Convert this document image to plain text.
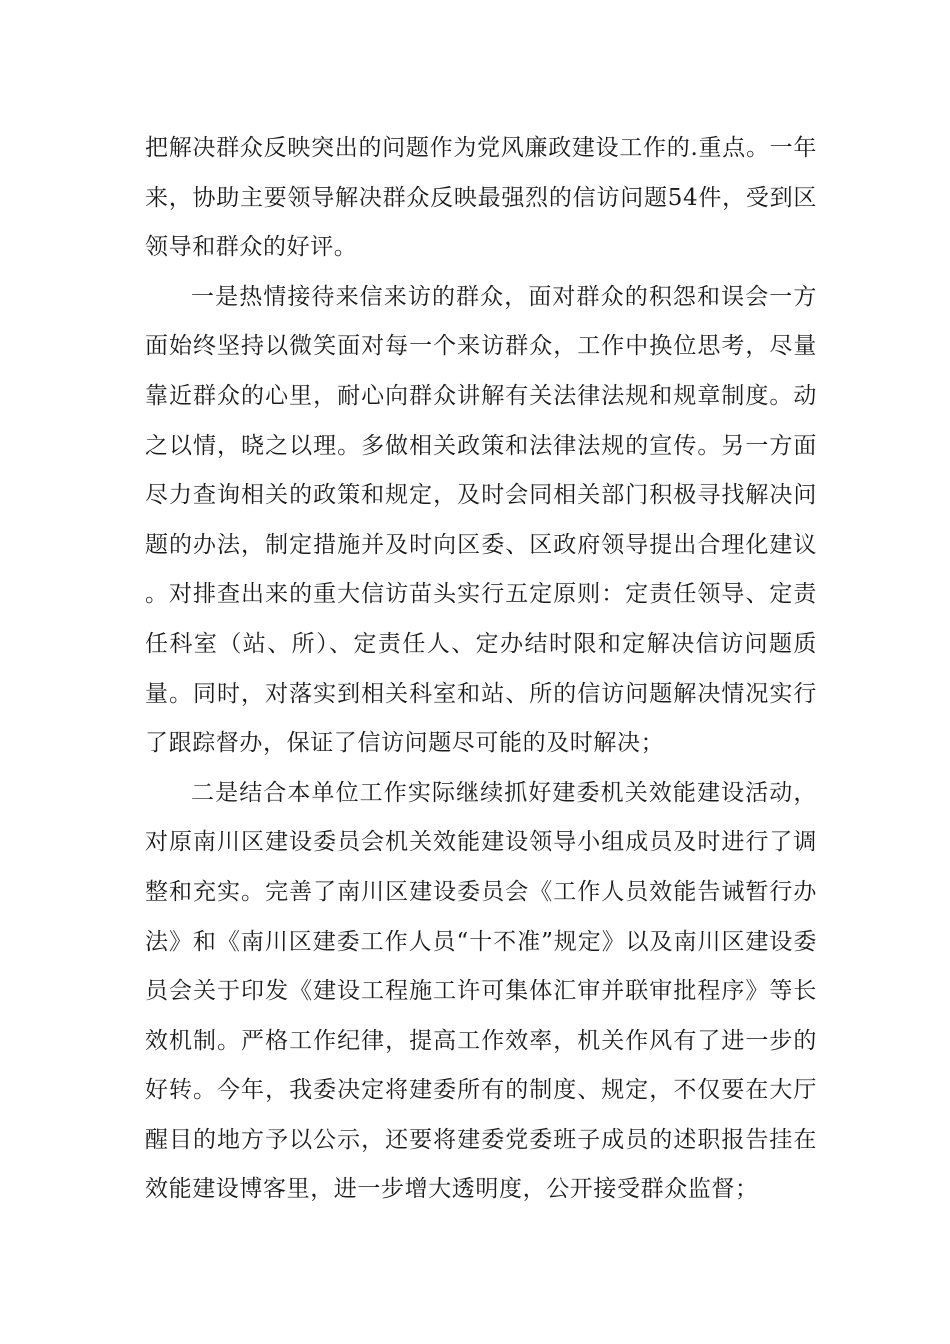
把解决群众反映突出的问题作为党风廉政建设工作的.重点。一年来，协助主要领导解决群众反映最强烈的信访问题54件，受到区领导和群众的好评。

一是热情接待来信来访的群众，面对群众的积怨和误会一方面始终坚持以微笑面对每一个来访群众，工作中换位思考，尽量靠近群众的心里，耐心向群众讲解有关法律法规和规章制度。动之以情，晓之以理。多做相关政策和法律法规的宣传。另一方面尽力查询相关的政策和规定，及时会同相关部门积极寻找解决问题的办法，制定措施并及时向区委、区政府领导提出合理化建议。对排查出来的重大信访苗头实行五定原则：定责任领导、定责任科室（站、所）、定责任人、定办结时限和定解决信访问题质量。同时，对落实到相关科室和站、所的信访问题解决情况实行了跟踪督办，保证了信访问题尽可能的及时解决；

二是结合本单位工作实际继续抓好建委机关效能建设活动，对原南川区建设委员会机关效能建设领导小组成员及时进行了调整和充实。完善了南川区建设委员会《工作人员效能告诫暂行办法》和《南川区建委工作人员“十不准”规定》以及南川区建设委员会关于印发《建设工程施工许可集体汇审并联审批程序》等长效机制。严格工作纪律，提高工作效率，机关作风有了进一步的好转。今年，我委决定将建委所有的制度、规定，不仅要在大厅醒目的地方予以公示，还要将建委党委班子成员的述职报告挂在效能建设博客里，进一步增大透明度，公开接受群众监督；
